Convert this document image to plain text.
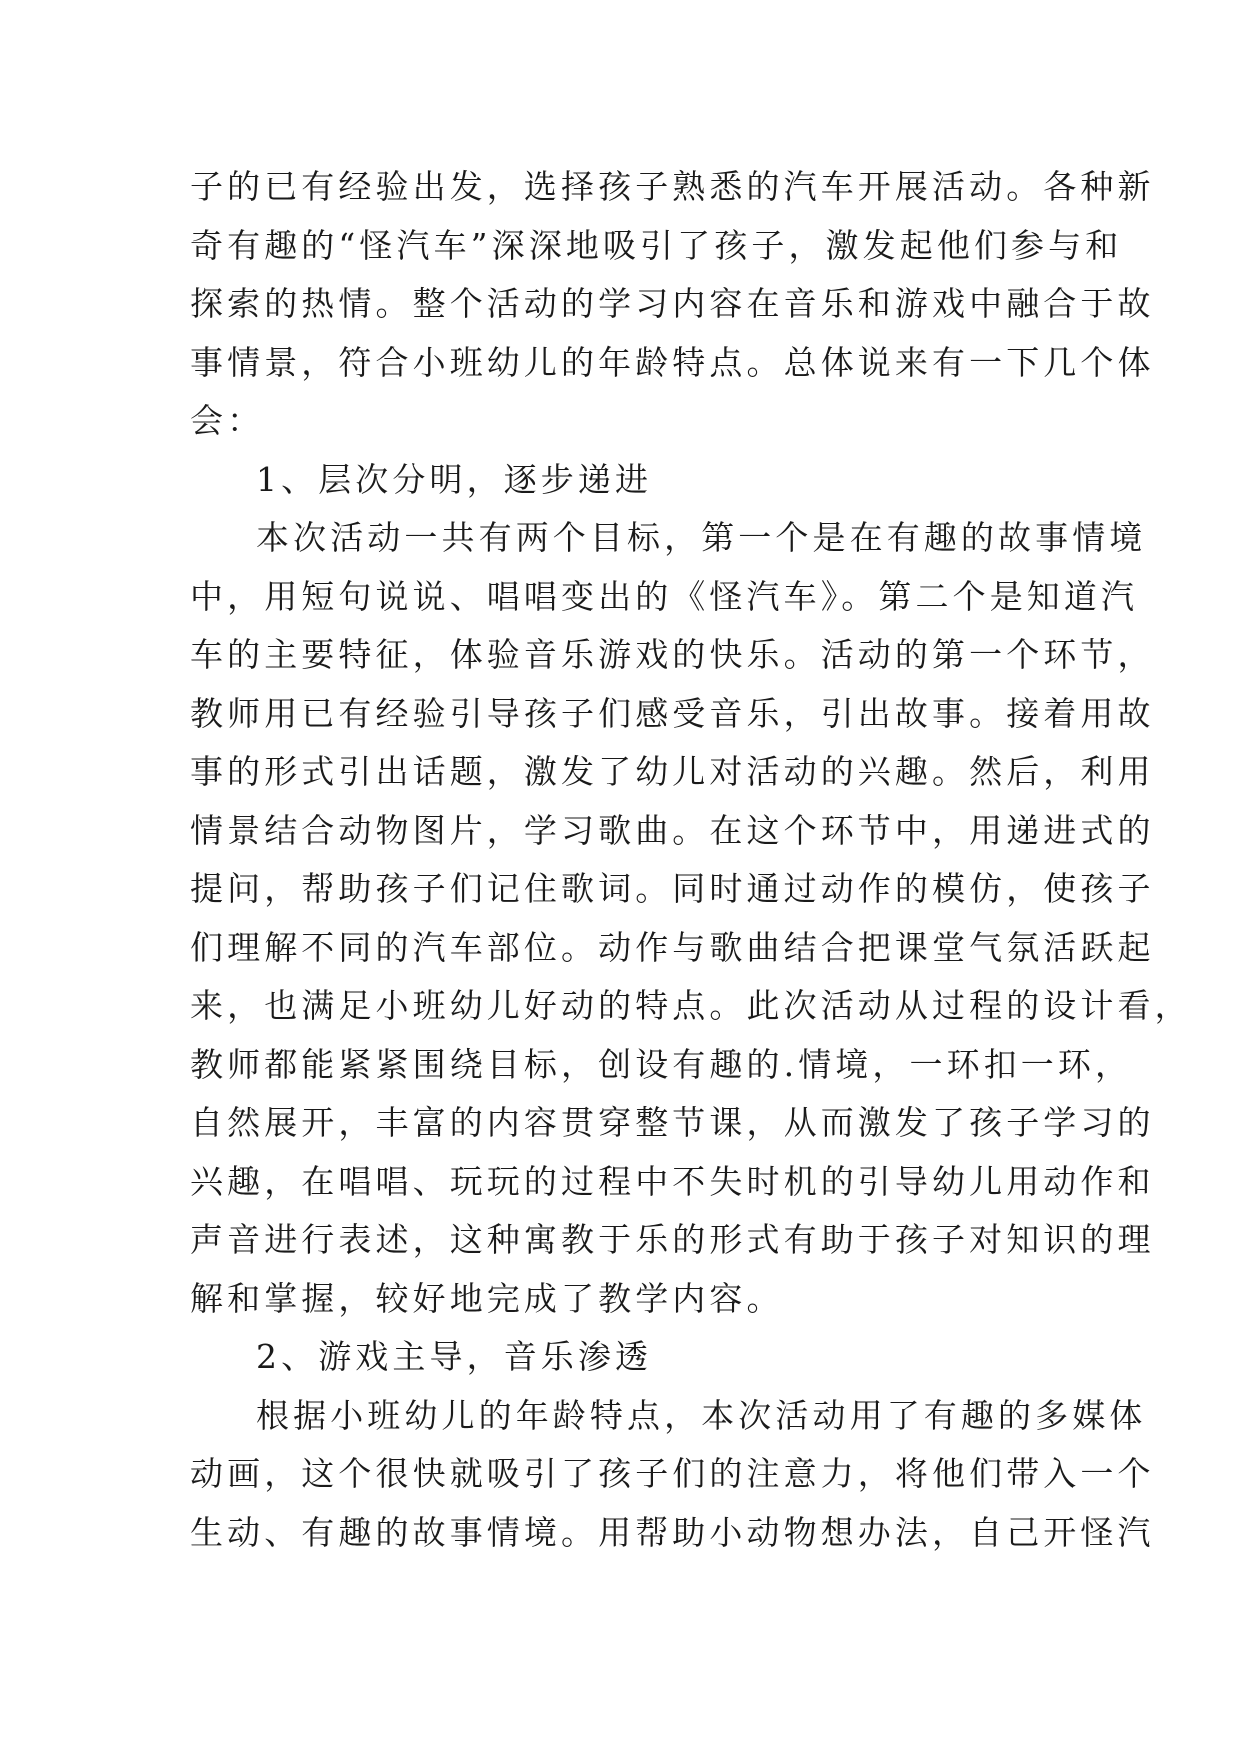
子的已有经验出发，选择孩子熟悉的汽车开展活动。各种新
奇有趣的“怪汽车”深深地吸引了孩子，激发起他们参与和
探索的热情。整个活动的学习内容在音乐和游戏中融合于故
事情景，符合小班幼儿的年龄特点。总体说来有一下几个体
会：
1、层次分明，逐步递进
本次活动一共有两个目标，第一个是在有趣的故事情境
中，用短句说说、唱唱变出的《怪汽车》。第二个是知道汽
车的主要特征，体验音乐游戏的快乐。活动的第一个环节，
教师用已有经验引导孩子们感受音乐，引出故事。接着用故
事的形式引出话题，激发了幼儿对活动的兴趣。然后，利用
情景结合动物图片，学习歌曲。在这个环节中，用递进式的
提问，帮助孩子们记住歌词。同时通过动作的模仿，使孩子
们理解不同的汽车部位。动作与歌曲结合把课堂气氛活跃起
来，也满足小班幼儿好动的特点。此次活动从过程的设计看，
教师都能紧紧围绕目标，创设有趣的.情境，一环扣一环，
自然展开，丰富的内容贯穿整节课，从而激发了孩子学习的
兴趣，在唱唱、玩玩的过程中不失时机的引导幼儿用动作和
声音进行表述，这种寓教于乐的形式有助于孩子对知识的理
解和掌握，较好地完成了教学内容。
2、游戏主导，音乐渗透
根据小班幼儿的年龄特点，本次活动用了有趣的多媒体
动画，这个很快就吸引了孩子们的注意力，将他们带入一个
生动、有趣的故事情境。用帮助小动物想办法，自己开怪汽
